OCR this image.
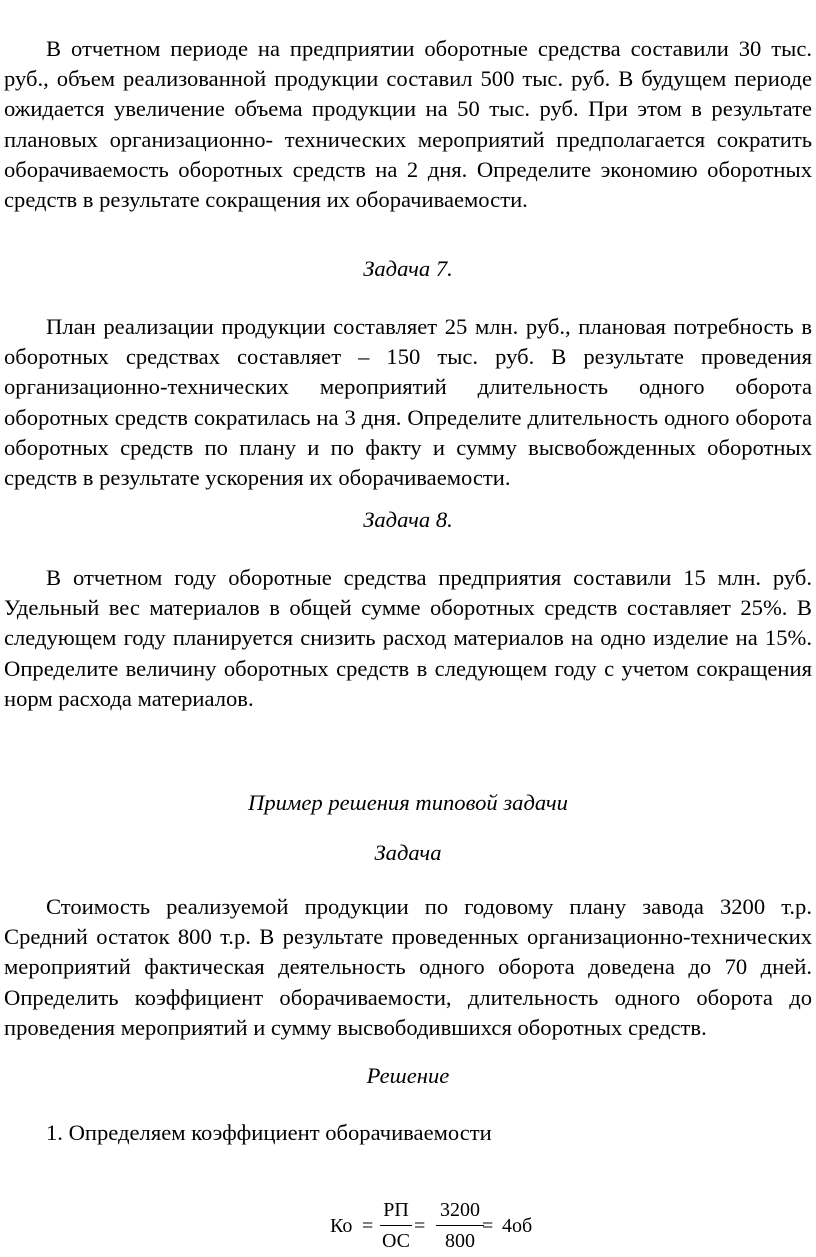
В отчетном периоде на предприятии оборотные средства составили 30 тыс. руб., объем реализованной продукции составил 500 тыс. руб. В будущем периоде ожидается увеличение объема продукции на 50 тыс. руб. При этом в результате плановых организационно- технических мероприятий предполагается сократить оборачиваемость оборотных средств на 2 дня. Определите экономию оборотных средств в результате сокращения их оборачиваемости.

Задача 7.

План реализации продукции составляет 25 млн. руб., плановая потребность в оборотных средствах составляет – 150 тыс. руб. В результате проведения организационно-технических мероприятий длительность одного оборота оборотных средств сократилась на 3 дня. Определите длительность одного оборота оборотных средств по плану и по факту и сумму высвобожденных оборотных средств в результате ускорения их оборачиваемости.

Задача 8.

В отчетном году оборотные средства предприятия составили 15 млн. руб. Удельный вес материалов в общей сумме оборотных средств составляет 25%. В следующем году планируется снизить расход материалов на одно изделие на 15%. Определите величину оборотных средств в следующем году с учетом сокращения норм расхода материалов.

Пример решения типовой задачи

Задача

Стоимость реализуемой продукции по годовому плану завода 3200 т.р. Средний остаток 800 т.р. В результате проведенных организационно-технических мероприятий фактическая деятельность одного оборота доведена до 70 дней. Определить коэффициент оборачиваемости, длительность одного оборота до проведения мероприятий и сумму высвободившихся оборотных средств.

Решение

1. Определяем коэффициент оборачиваемости

Ко =
РП
ОС
=
3200
800
= 4об
